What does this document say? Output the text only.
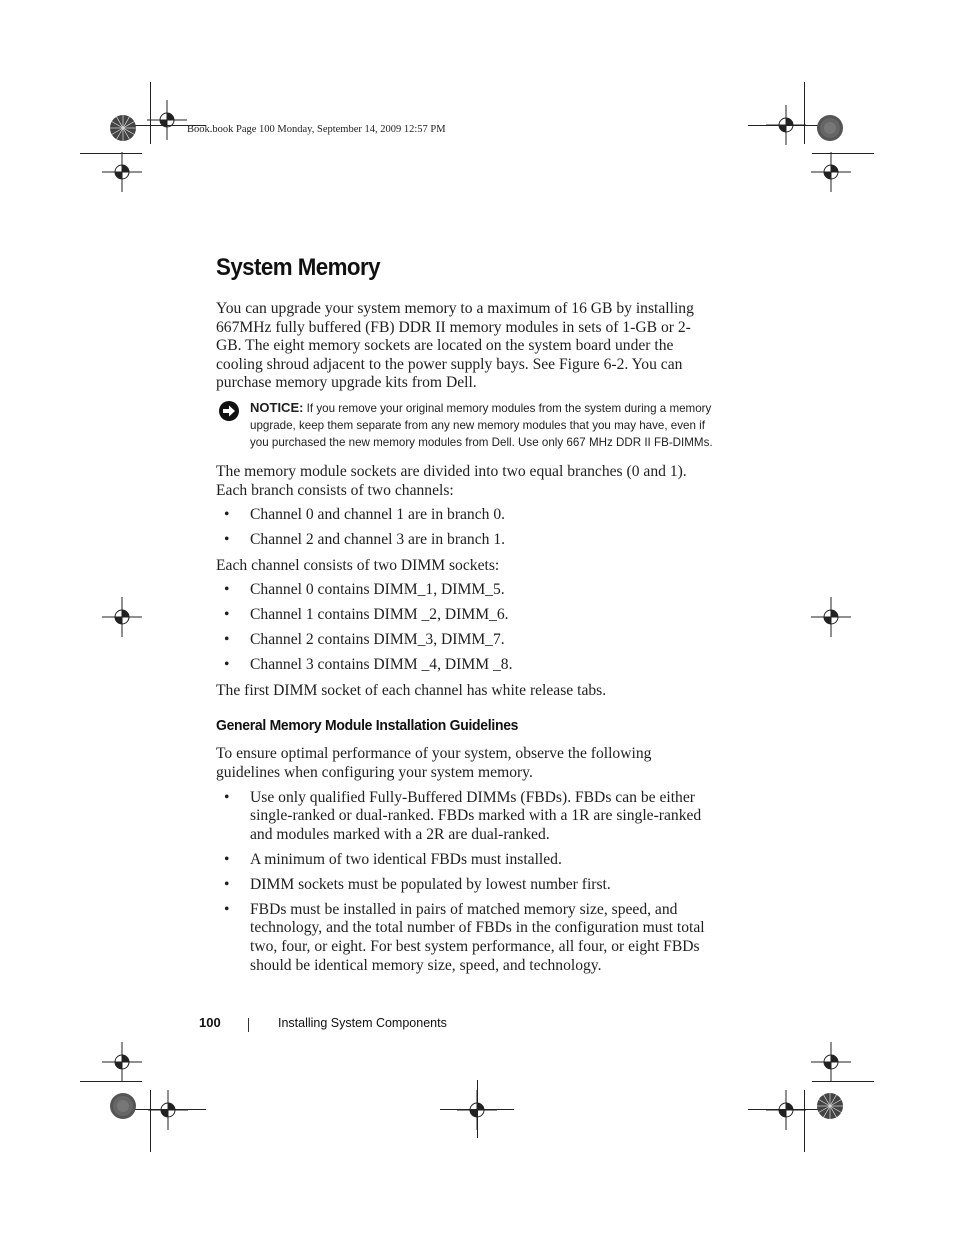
Book.book Page 100 Monday, September 14, 2009 12:57 PM
System Memory

You can upgrade your system memory to a maximum of 16 GB by installing 667MHz fully buffered (FB) DDR II memory modules in sets of 1-GB or 2-GB. The eight memory sockets are located on the system board under the cooling shroud adjacent to the power supply bays. See Figure 6-2. You can purchase memory upgrade kits from Dell.

NOTICE: If you remove your original memory modules from the system during a memory upgrade, keep them separate from any new memory modules that you may have, even if you purchased the new memory modules from Dell. Use only 667 MHz DDR II FB-DIMMs.

The memory module sockets are divided into two equal branches (0 and 1). Each branch consists of two channels:

• Channel 0 and channel 1 are in branch 0.
• Channel 2 and channel 3 are in branch 1.

Each channel consists of two DIMM sockets:

• Channel 0 contains DIMM_1, DIMM_5.
• Channel 1 contains DIMM _2, DIMM_6.
• Channel 2 contains DIMM_3, DIMM_7.
• Channel 3 contains DIMM _4, DIMM _8.

The first DIMM socket of each channel has white release tabs.

General Memory Module Installation Guidelines

To ensure optimal performance of your system, observe the following guidelines when configuring your system memory.

• Use only qualified Fully-Buffered DIMMs (FBDs). FBDs can be either single-ranked or dual-ranked. FBDs marked with a 1R are single-ranked and modules marked with a 2R are dual-ranked.
• A minimum of two identical FBDs must installed.
• DIMM sockets must be populated by lowest number first.
• FBDs must be installed in pairs of matched memory size, speed, and technology, and the total number of FBDs in the configuration must total two, four, or eight. For best system performance, all four, or eight FBDs should be identical memory size, speed, and technology.
100	Installing System Components
